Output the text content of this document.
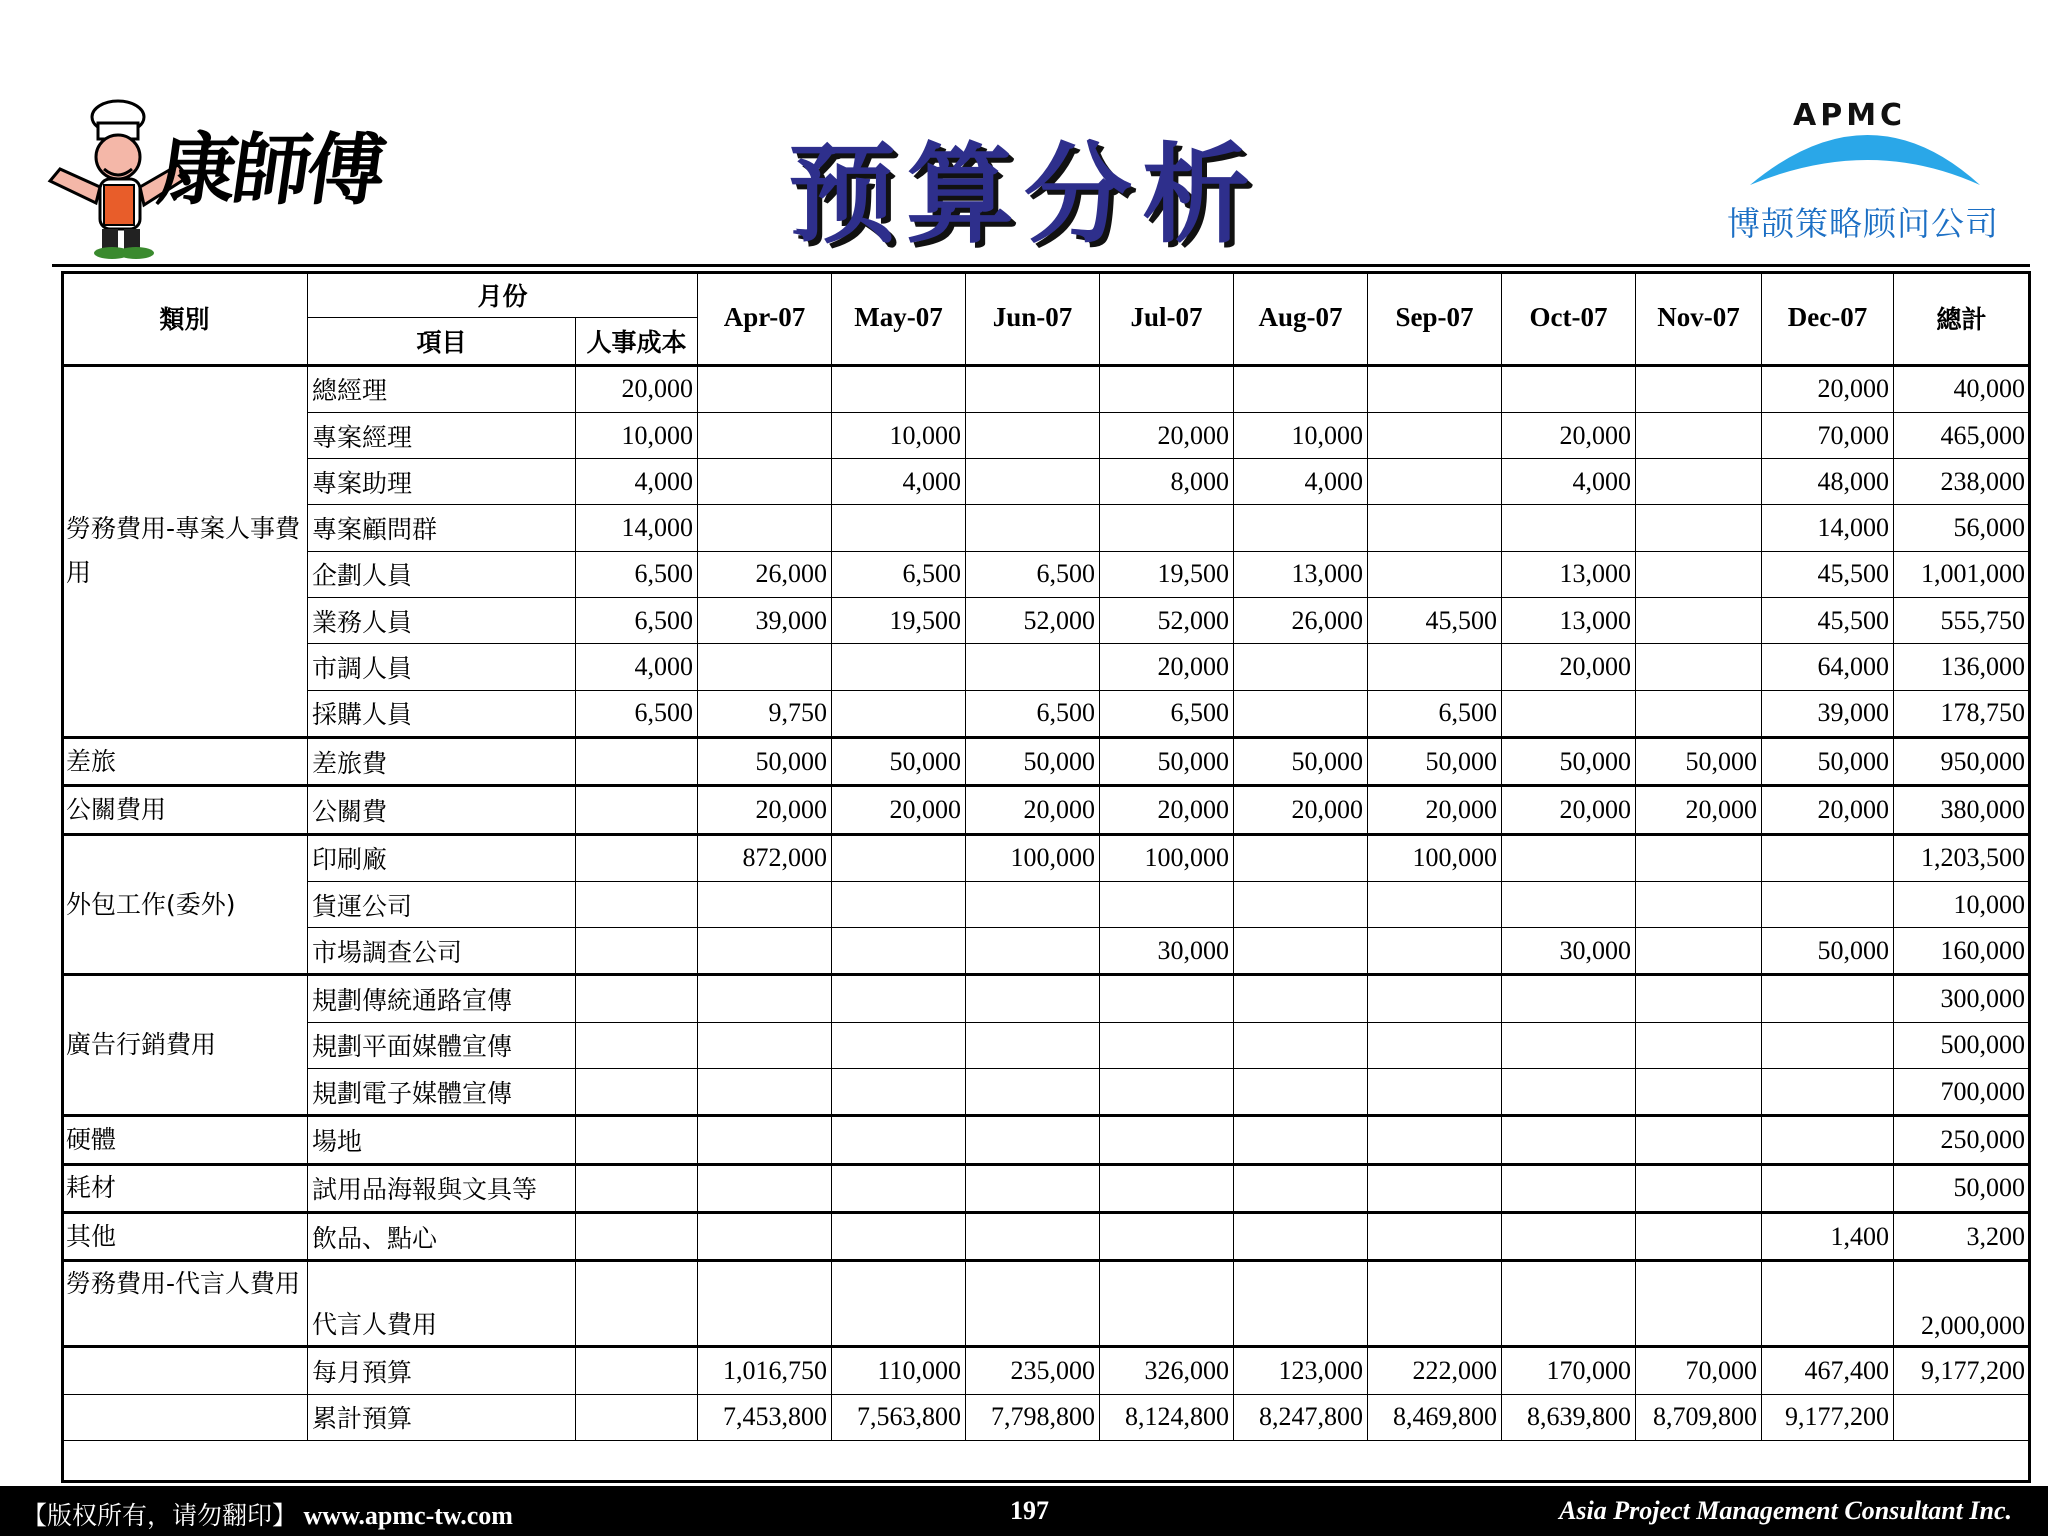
康師傅	预算分析
APMC
博颉策略顾问公司
類別	月份		Apr-07	May-07	Jun-07	Jul-07	Aug-07	Sep-07	Oct-07	Nov-07	Dec-07	總計
	項目	人事成本										
勞務費用-專案人事費用	總經理	20,000									20,000	40,000
	專案經理	10,000		10,000		20,000	10,000		20,000		70,000	465,000
	專案助理	4,000		4,000		8,000	4,000		4,000		48,000	238,000
	專案顧問群	14,000									14,000	56,000
	企劃人員	6,500	26,000	6,500	6,500	19,500	13,000		13,000		45,500	1,001,000
	業務人員	6,500	39,000	19,500	52,000	52,000	26,000	45,500	13,000		45,500	555,750
	市調人員	4,000				20,000			20,000		64,000	136,000
	採購人員	6,500	9,750		6,500	6,500		6,500			39,000	178,750
差旅	差旅費		50,000	50,000	50,000	50,000	50,000	50,000	50,000	50,000	50,000	950,000
公關費用	公關費		20,000	20,000	20,000	20,000	20,000	20,000	20,000	20,000	20,000	380,000
外包工作(委外)	印刷廠		872,000		100,000	100,000		100,000				1,203,500
	貨運公司											10,000
	市場調查公司					30,000			30,000		50,000	160,000
廣告行銷費用	規劃傳統通路宣傳											300,000
	規劃平面媒體宣傳											500,000
	規劃電子媒體宣傳											700,000
硬體	場地											250,000
耗材	試用品海報與文具等											50,000
其他	飲品、點心										1,400	3,200
勞務費用-代言人費用	代言人費用											2,000,000
	每月預算		1,016,750	110,000	235,000	326,000	123,000	222,000	170,000	70,000	467,400	9,177,200
	累計預算		7,453,800	7,563,800	7,798,800	8,124,800	8,247,800	8,469,800	8,639,800	8,709,800	9,177,200	
【版权所有，请勿翻印】 www.apmc-tw.com	197	Asia Project Management Consultant Inc.
